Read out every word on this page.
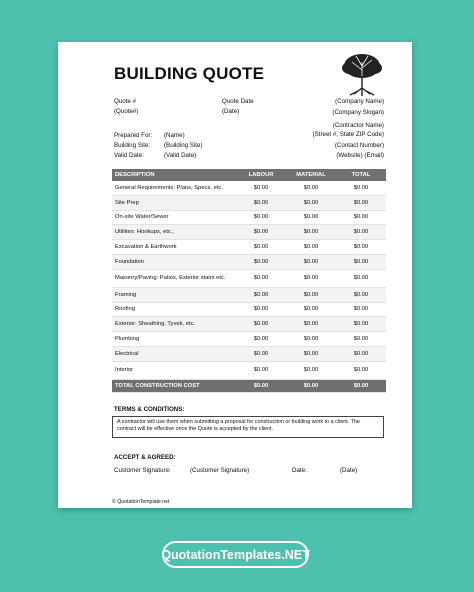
BUILDING QUOTE
Quote #
(Quote#)
Quote Date
(Date)
(Company Name)
(Company Slogan)
(Contractor Name)
(Street #, State ZIP Code)
(Contact Number)
(Website) (Email)
Prepared For: (Name)
Building Site: (Building Site)
Valid Date:	(Valid Date)
DESCRIPTION	LABOUR	MATERIAL	TOTAL
General Requirements: Plans, Specs, etc.	$0.00	$0.00	$0.00
Site Prep	$0.00	$0.00	$0.00
On-site Water/Sewer	$0.00	$0.00	$0.00
Utilities: Hookups, etc.,	$0.00	$0.00	$0.00
Excavation & Earthwork	$0.00	$0.00	$0.00
Foundation	$0.00	$0.00	$0.00
Masonry/Paving: Patios, Exterior stairs etc.	$0.00	$0.00	$0.00
Framing	$0.00	$0.00	$0.00
Roofing	$0.00	$0.00	$0.00
Exterior: Sheathing, Tyvek, etc.	$0.00	$0.00	$0.00
Plumbing	$0.00	$0.00	$0.00
Electrical	$0.00	$0.00	$0.00
Interior	$0.00	$0.00	$0.00
TOTAL CONSTRUCTION COST	$0.00	$0.00	$0.00
TERMS & CONDITIONS:
A contractor will use them when submitting a proposal for construction or building work to a client. The contract will be effective once the Quote is accepted by the client.
ACCEPT & AGREED:
Customer Signature:	(Customer Signature)	Date:	(Date)
© QuotationTemplate.net
QuotationTemplates.NET
